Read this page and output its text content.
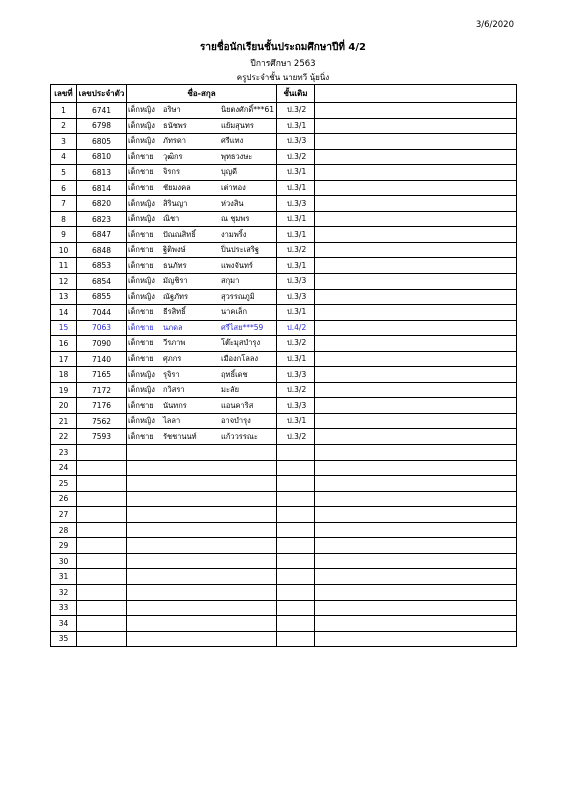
3/6/2020
รายชื่อนักเรียนชั้นประถมศึกษาปีที่ 4/2
ปีการศึกษา 2563
ครูประจำชั้น นายทวี นุ้ยนิ่ง
เลขที่	เลขประจำตัว	ชื่อ-สกุล	ชั้นเดิม	
1	6741	เด็กหญิง อริษา นิยตงศักดิ์***61	ป.3/2	
2	6798	เด็กหญิง ธนัชพร แย้มสุนทร	ป.3/1	
3	6805	เด็กหญิง ภัทรดา ศรีแทง	ป.3/3	
4	6810	เด็กชาย วุฒิกร พุทธวงษะ	ป.3/2	
5	6813	เด็กชาย จิรกร บุญดี	ป.3/1	
6	6814	เด็กชาย ชัยมงคล เต่าทอง	ป.3/1	
7	6820	เด็กหญิง สิรินญา ห่วงสิน	ป.3/3	
8	6823	เด็กหญิง ณิชา ณ ชุมพร	ป.3/1	
9	6847	เด็กชาย ปัณณสิทธิ์ งามพริ้ง	ป.3/1	
10	6848	เด็กชาย ฐิติพงษ์ ปิ่นประเสริฐ	ป.3/2	
11	6853	เด็กชาย ธนภัทร แพงจันทร์	ป.3/1	
12	6854	เด็กหญิง มัญชิรา สกุมา	ป.3/3	
13	6855	เด็กหญิง ณัฐภัทร สุวรรณภูมิ	ป.3/3	
14	7044	เด็กชาย ธีรสิทธิ์ นาคเล็ก	ป.3/1	
15	7063	เด็กชาย นภดล ศรีไสย***59	ป.4/2	
16	7090	เด็กชาย วีรภาพ โต๊ะมุสบำรุง	ป.3/2	
17	7140	เด็กชาย ศุภกร เมืองกโลลง	ป.3/1	
18	7165	เด็กหญิง รุจิรา ฤทธิ์เดช	ป.3/3	
19	7172	เด็กหญิง กวิสรา มะลัย	ป.3/2	
20	7176	เด็กชาย นันทกร แอนคาริส	ป.3/3	
21	7562	เด็กหญิง ไลลา อาจบำรุง	ป.3/1	
22	7593	เด็กชาย รัชชานนท์ แก้ววรรณะ	ป.3/2	
23				
24				
25				
26				
27				
28				
29				
30				
31				
32				
33				
34				
35				
